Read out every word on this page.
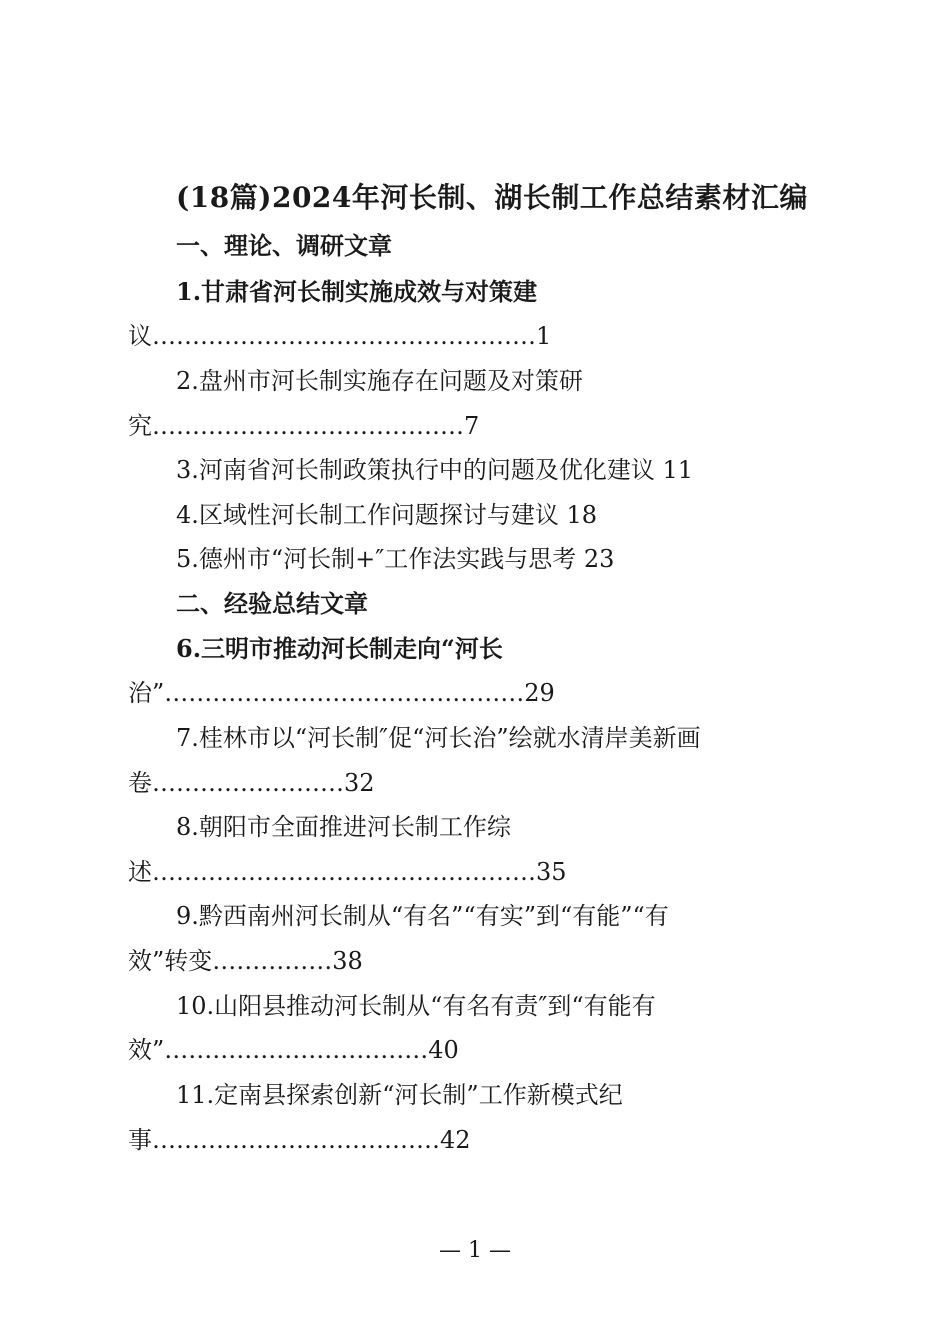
(18篇)2024年河长制、湖长制工作总结素材汇编
一、理论、调研文章
1.甘肃省河长制实施成效与对策建
议…………………………………………1
2.盘州市河长制实施存在问题及对策研
究…………………………………7
3.河南省河长制政策执行中的问题及优化建议 11
4.区域性河长制工作问题探讨与建议 18
5.德州市“河长制+″工作法实践与思考 23
二、经验总结文章
6.三明市推动河长制走向“河长
治”………………………………………29
7.桂林市以“河长制″促“河长治”绘就水清岸美新画
卷……………………32
8.朝阳市全面推进河长制工作综
述…………………………………………35
9.黔西南州河长制从“有名”“有实”到“有能”“有
效”转变……………38
10.山阳县推动河长制从“有名有责″到“有能有
效”……………………………40
11.定南县探索创新“河长制”工作新模式纪
事………………………………42
— 1 —
